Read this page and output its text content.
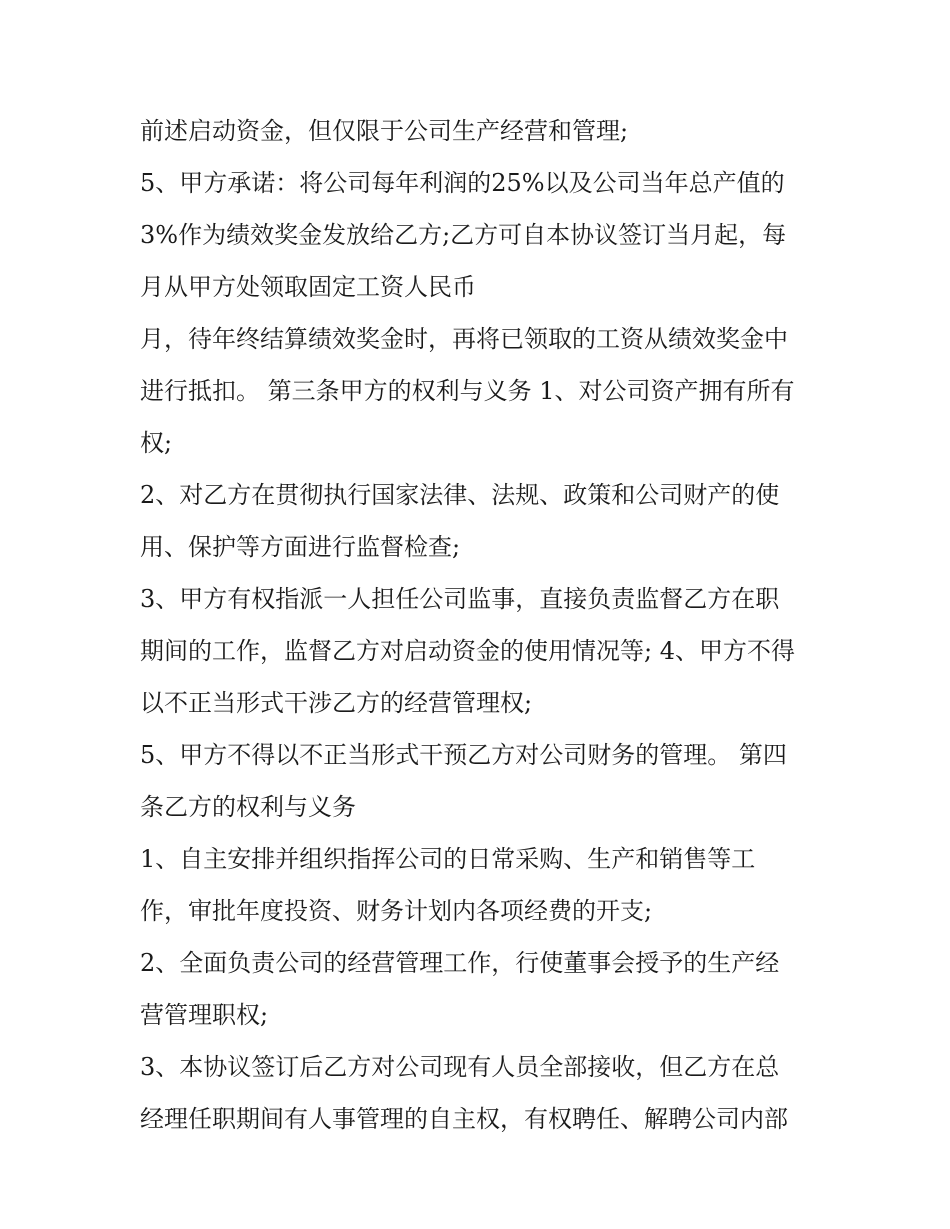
前述启动资金，但仅限于公司生产经营和管理;
5、甲方承诺：将公司每年利润的25%以及公司当年总产值的
3%作为绩效奖金发放给乙方;乙方可自本协议签订当月起，每
月从甲方处领取固定工资人民币
月，待年终结算绩效奖金时，再将已领取的工资从绩效奖金中
进行抵扣。 第三条甲方的权利与义务 1、对公司资产拥有所有
权;
2、对乙方在贯彻执行国家法律、法规、政策和公司财产的使
用、保护等方面进行监督检查;
3、甲方有权指派一人担任公司监事，直接负责监督乙方在职
期间的工作，监督乙方对启动资金的使用情况等; 4、甲方不得
以不正当形式干涉乙方的经营管理权;
5、甲方不得以不正当形式干预乙方对公司财务的管理。 第四
条乙方的权利与义务
1、自主安排并组织指挥公司的日常采购、生产和销售等工
作，审批年度投资、财务计划内各项经费的开支;
2、全面负责公司的经营管理工作，行使董事会授予的生产经
营管理职权;
3、本协议签订后乙方对公司现有人员全部接收，但乙方在总
经理任职期间有人事管理的自主权，有权聘任、解聘公司内部
